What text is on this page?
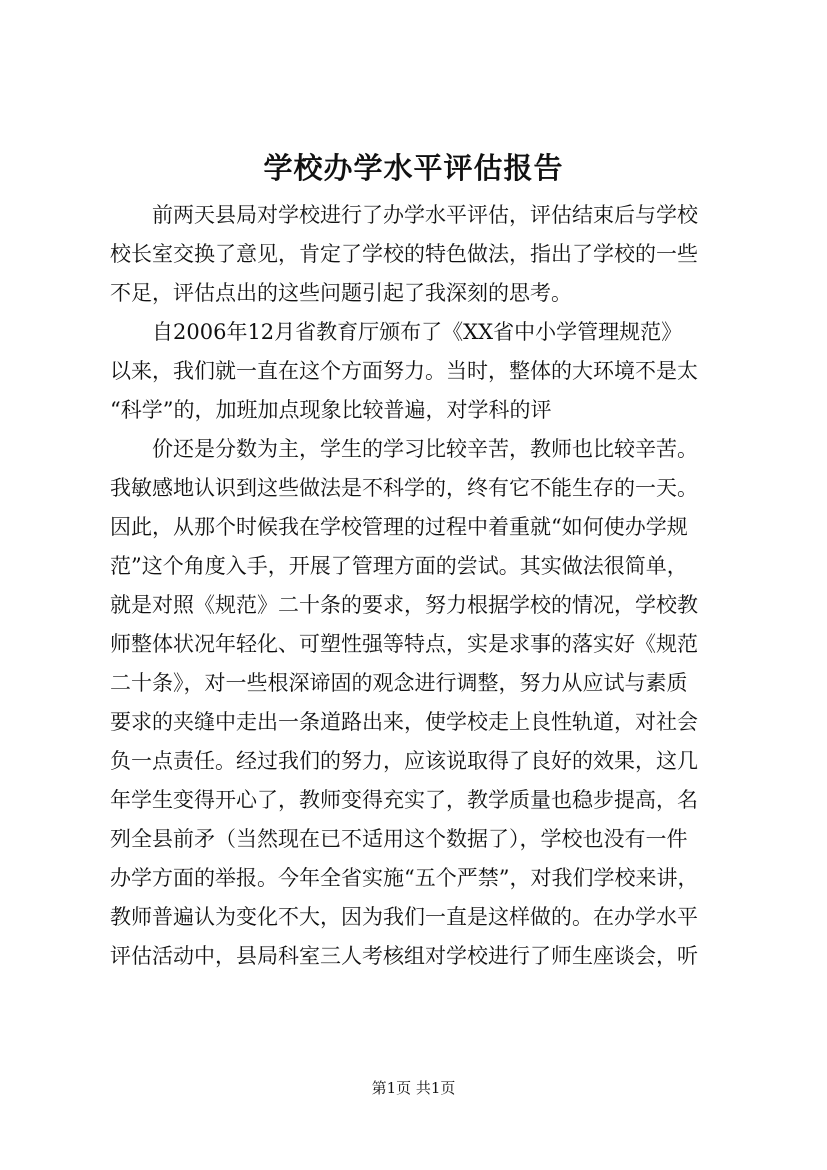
学校办学水平评估报告
前两天县局对学校进行了办学水平评估，评估结束后与学校
校长室交换了意见，肯定了学校的特色做法，指出了学校的一些
不足，评估点出的这些问题引起了我深刻的思考。
自2006年12月省教育厅颁布了《XX省中小学管理规范》
以来，我们就一直在这个方面努力。当时，整体的大环境不是太
“科学”的，加班加点现象比较普遍，对学科的评
价还是分数为主，学生的学习比较辛苦，教师也比较辛苦。
我敏感地认识到这些做法是不科学的，终有它不能生存的一天。
因此，从那个时候我在学校管理的过程中着重就“如何使办学规
范”这个角度入手，开展了管理方面的尝试。其实做法很简单，
就是对照《规范》二十条的要求，努力根据学校的情况，学校教
师整体状况年轻化、可塑性强等特点，实是求事的落实好《规范
二十条》，对一些根深谛固的观念进行调整，努力从应试与素质
要求的夹缝中走出一条道路出来，使学校走上良性轨道，对社会
负一点责任。经过我们的努力，应该说取得了良好的效果，这几
年学生变得开心了，教师变得充实了，教学质量也稳步提高，名
列全县前矛（当然现在已不适用这个数据了），学校也没有一件
办学方面的举报。今年全省实施“五个严禁”，对我们学校来讲，
教师普遍认为变化不大，因为我们一直是这样做的。在办学水平
评估活动中，县局科室三人考核组对学校进行了师生座谈会，听
第1页 共1页
